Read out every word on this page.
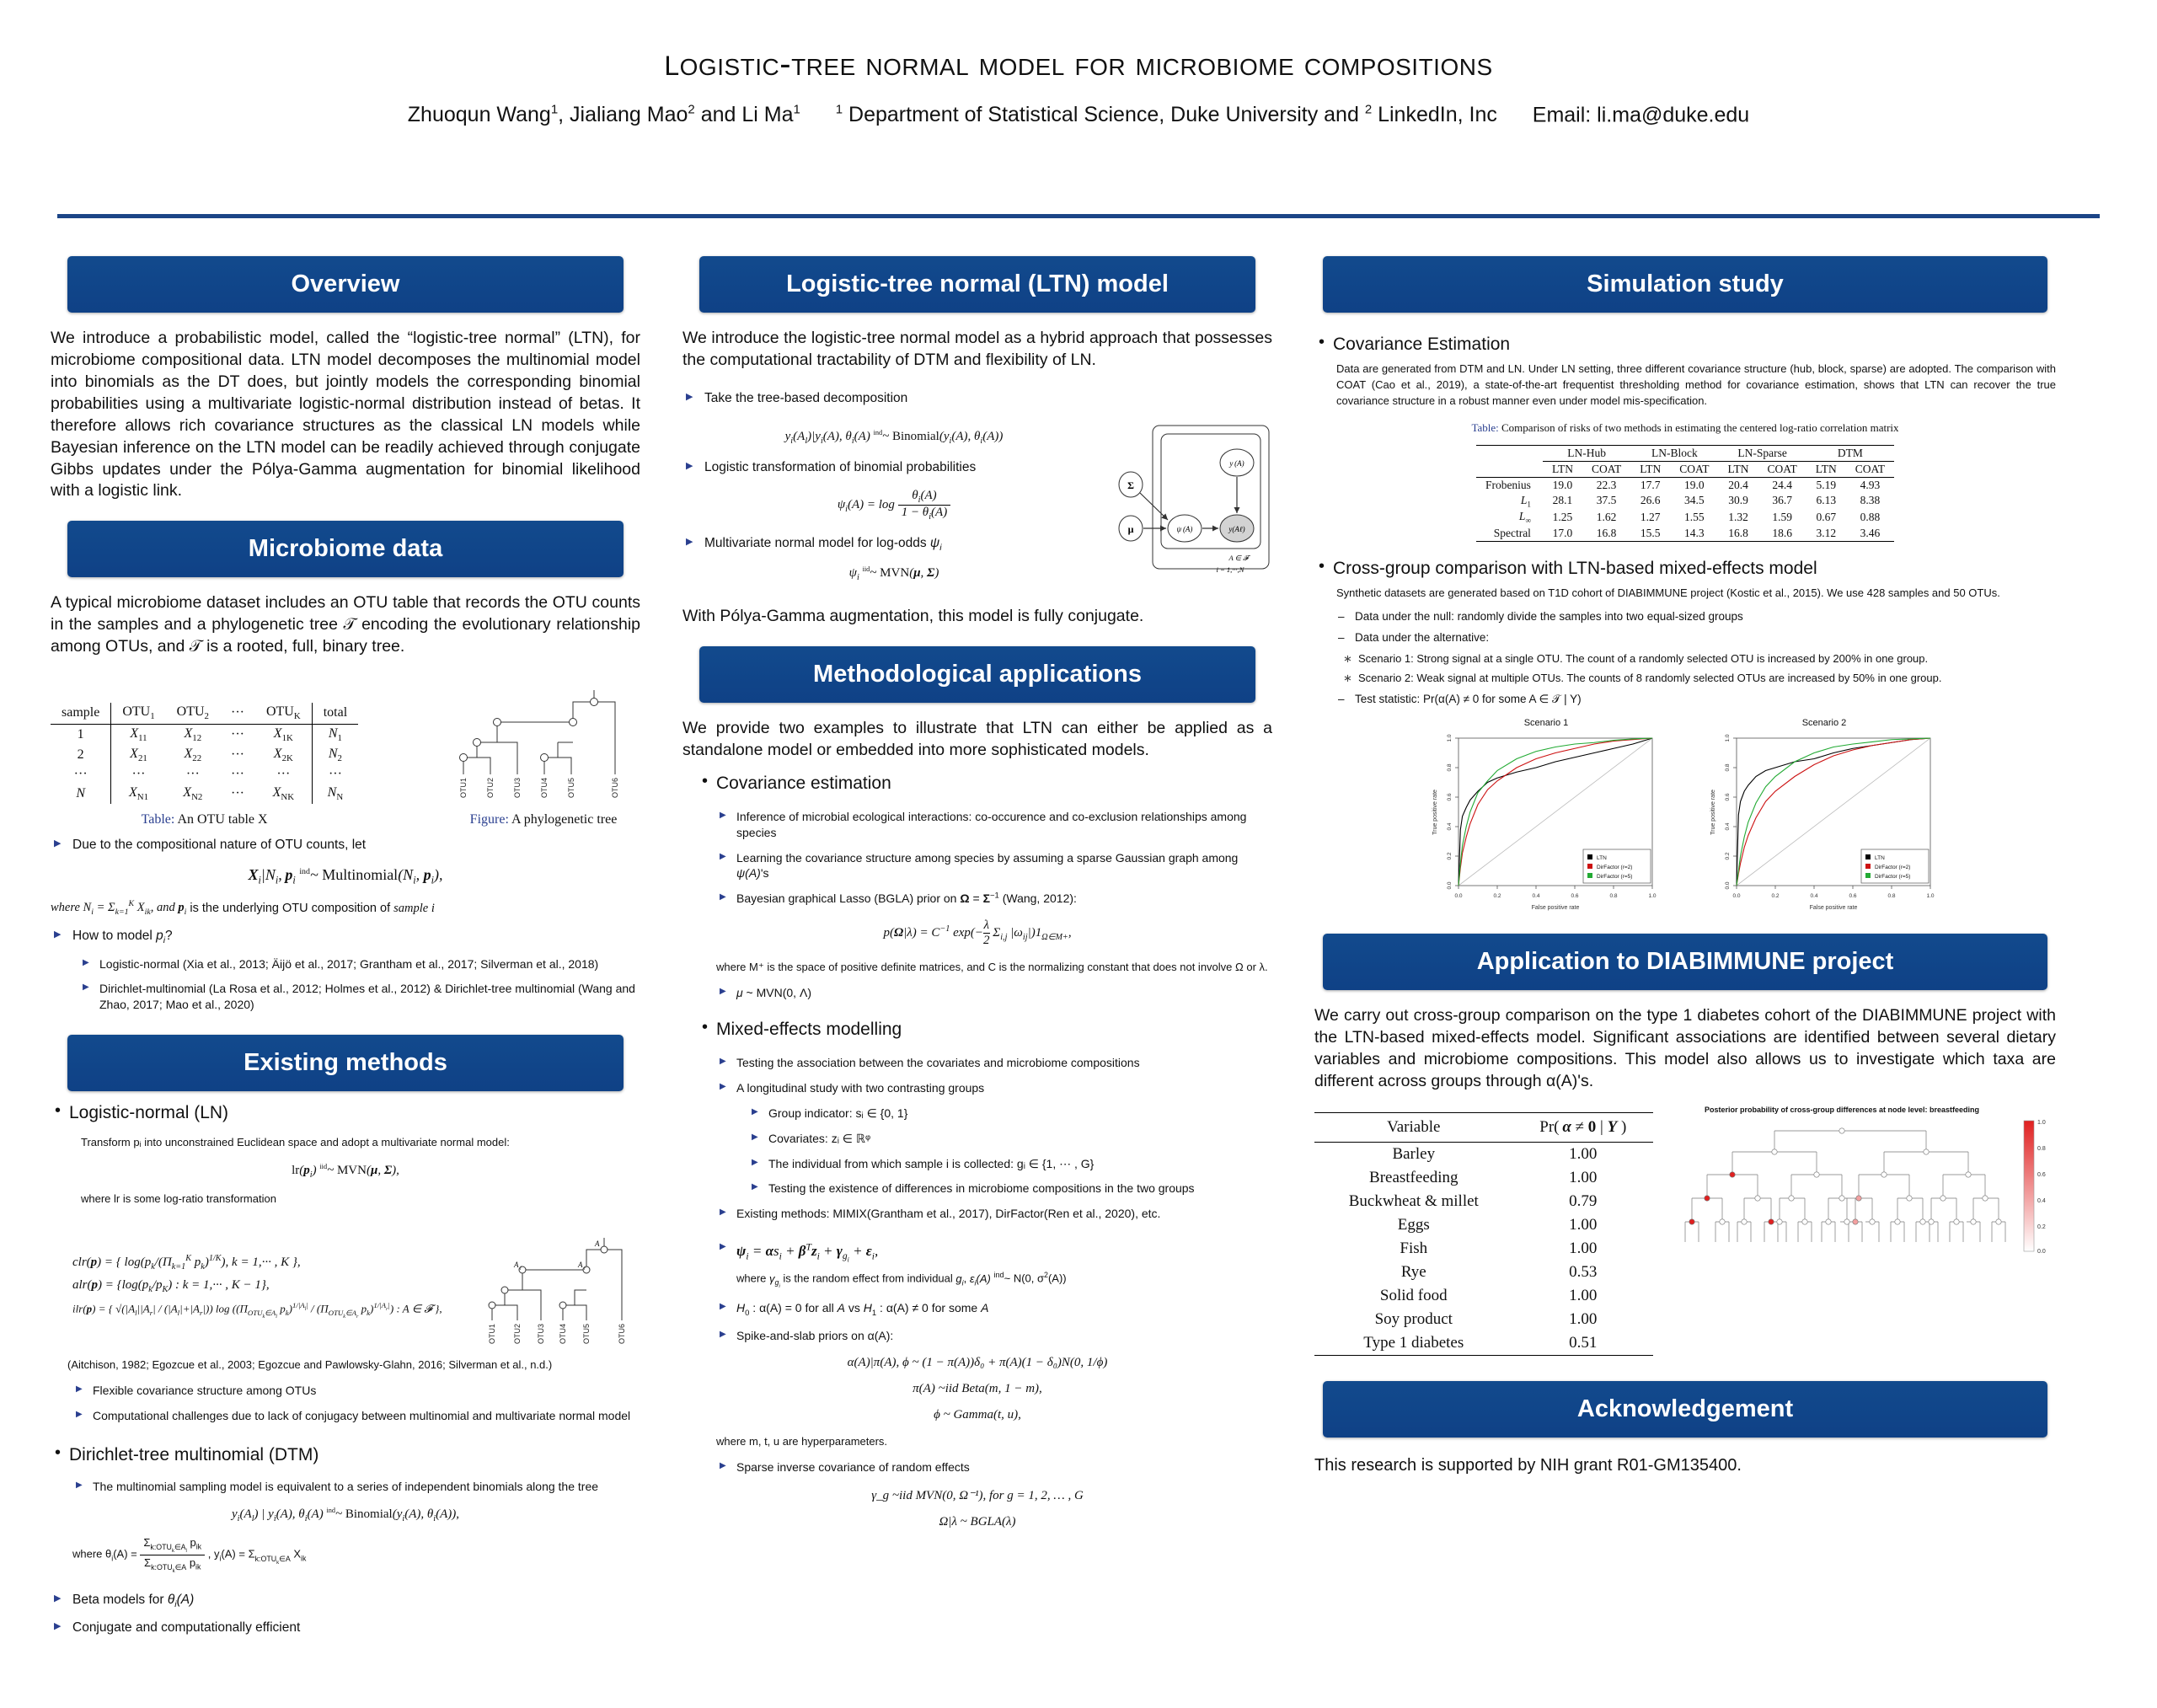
logistic-tree normal model for microbiome compositions
Zhuoqun Wang$^1$, Jialiang Mao$^2$ and Li Ma$^1$	$^1$ Department of Statistical Science, Duke University and $^2$ LinkedIn, Inc Email: li.ma@duke.edu
Overview
We introduce a probabilistic model, called the “logistic-tree normal” (LTN), for microbiome compositional data. LTN model decomposes the multinomial model into binomials as the DT does, but jointly models the corresponding binomial probabilities using a multivariate logistic-normal distribution instead of betas. It therefore allows rich covariance structures as the classical LN models while Bayesian inference on the LTN model can be readily achieved through conjugate Gibbs updates under the Pólya-Gamma augmentation for binomial likelihood with a logistic link.
Microbiome data
A typical microbiome dataset includes an OTU table that records the OTU counts in the samples and a phylogenetic tree 𝒯 encoding the evolutionary relationship among OTUs, and 𝒯 is a rooted, full, binary tree.
sample	$OTU_1$	$OTU_2$	···	$OTU_K$	total
1	$X_{11}$	$X_{12}$	···	$X_{1K}$	$N_1$
2	$X_{21}$	$X_{22}$	···	$X_{2K}$	$N_2$
···	···	···	···	···	···
N	$X_{N1}$	$X_{N2}$	···	$X_{NK}$	$N_N$
Table: An OTU table X
OTU1 OTU2 OTU3 OTU4 OTU5	OTU6
Figure: A phylogenetic tree
▶ Due to the compositional nature of OTU counts, let
$X_i|N_i$, $p_i$ $^{ind}$~ $Multinomial(N_i$, $p_i$),
where $N_i = \Sigma_{k=1}^K$ $X_{ik}$, and $p_i$ is the underlying OTU composition of sample i
▶ How to model $p_i$?
▶ Logistic-normal (Xia et al., 2013; Äijö et al., 2017; Grantham et al., 2017; Silverman et al., 2018)
▶ Dirichlet-multinomial (La Rosa et al., 2012; Holmes et al., 2012) & Dirichlet-tree multinomial (Wang and Zhao, 2017; Mao et al., 2020)
Existing methods
• Logistic-normal (LN)
Transform pᵢ into unconstrained Euclidean space and adopt a multivariate normal model:
$lr(p_i)$ $^{iid}$~ MVN(μ, Σ),
where lr is some log-ratio transformation
clr(p) = { $\log(p_k/(\Pi_{k=1}^K$ $p_k)^{1/K}$), k = 1,··· , K },
$alr(p) = \{\log(p_k/p_K)$ : k = 1,··· , K − 1},
ilr(p) = { $√(|A_l||A_r| / (|A_l|+|A_r|))$ $\log ((\Pi_{OTU_k\in A_l}$ $p_k)^{1/|A_l|} / (\Pi_{OTU_k\in A_r}$ $p_k)^{1/|A_r|}$) : A ∈ 𝓕 },
A
A l	A r
OTU1 OTU2 OTU3 OTU4 OTU5	OTU6
(Aitchison, 1982; Egozcue et al., 2003; Egozcue and Pawlowsky-Glahn, 2016; Silverman et al., n.d.)
▶ Flexible covariance structure among OTUs
▶ Computational challenges due to lack of conjugacy between multinomial and multivariate normal model
• Dirichlet-tree multinomial (DTM)
▶ The multinomial sampling model is equivalent to a series of independent binomials along the tree
$y_i(A_l)$ | $y_i(A)$, $\theta_i(A)$ $^{ind}$~ $Binomial(y_i(A)$, $\theta_i(A)$),
where $\theta_i(A)$ =
$\Sigma_{k:OTU_k\in A_l}$ $p_{ik}$
$\Sigma_{k:OTU_k\in A}$ $p_{ik}$
, $y_i(A) = \Sigma_{k:OTU_k\in A}$ $X_{ik}$
▶ Beta models for $\theta_i(A)$
▶ Conjugate and computationally efficient
Logistic-tree normal (LTN) model
We introduce the logistic-tree normal model as a hybrid approach that possesses the computational tractability of DTM and flexibility of LN.
▶ Take the tree-based decomposition
$y_i(A_l)|y_i(A)$, $\theta_i(A)$ $^{ind}$~ $Binomial(y_i(A)$, $\theta_i(A)$)
▶ Logistic transformation of binomial probabilities
$\psi_i(A) = \log \frac{\theta_i(A)}{1 - \theta_i(A)}$
▶ Multivariate normal model for log-odds $\psi_i$
$\psi_i$ $^{iid}$~ MVN(μ, Σ)
Σ
μ	ψ (A)	y(Aℓ)
y (A)
A ∈ 𝓕
i = 1,···,N
With Pólya-Gamma augmentation, this model is fully conjugate.
Methodological applications
We provide two examples to illustrate that LTN can either be applied as a standalone model or embedded into more sophisticated models.
• Covariance estimation
▶ Inference of microbial ecological interactions: co-occurence and co-exclusion relationships among species
▶ Learning the covariance structure among species by assuming a sparse Gaussian graph among ψ(A)'s
▶ Bayesian graphical Lasso (BGLA) prior on $\Omega = \Sigma^{-1}$ (Wang, 2012):
$p(\Omega|\lambda) = C^{-1}$ $\exp(- \frac{\lambda}{2} \Sigma_{i,j}$ $|\omega_{ij}|)1_{\Omega\in M+}$,
where M⁺ is the space of positive definite matrices, and C is the normalizing constant that does not involve Ω or λ.
▶ μ ~ MVN(0, Λ)
• Mixed-effects modelling
▶ Testing the association between the covariates and microbiome compositions
▶ A longitudinal study with two contrasting groups
▶ Group indicator: sᵢ ∈ {0, 1}
▶ Covariates: zᵢ ∈ ℝᵠ
▶ The individual from which sample i is collected: gᵢ ∈ {1, ⋯ , G}
▶ Testing the existence of differences in microbiome compositions in the two groups
▶ Existing methods: MIMIX(Grantham et al., 2017), DirFactor(Ren et al., 2020), etc.
▶ $\psi_i = \alpha s_i + \beta^Tz_i + \gamma_{g_i} + \varepsilon_i$,
where $\gamma_{g_i}$ is the random effect from individual $g_i$, $\varepsilon_i(A)$ $^{ind}$~ N(0, $\sigma^2(A)$)
▶ $H_0$ : α(A) = 0 for all A vs $H_1$ : α(A) ≠ 0 for some A
▶ Spike-and-slab priors on α(A):
α(A)|π(A), ϕ ~ (1 − π(A))δ₀ + π(A)(1 − δ₀)N(0, 1/ϕ)
π(A) ~iid Beta(m, 1 − m),
ϕ ~ Gamma(t, u),
where m, t, u are hyperparameters.
▶ Sparse inverse covariance of random effects
γ_g ~iid MVN(0, Ω⁻¹), for g = 1, 2, … , G
Ω|λ ~ BGLA(λ)
Simulation study
• Covariance Estimation
Data are generated from DTM and LN. Under LN setting, three different covariance structure (hub, block, sparse) are adopted. The comparison with COAT (Cao et al., 2019), a state-of-the-art frequentist thresholding method for covariance estimation, shows that LTN can recover the true covariance structure in a robust manner even under model mis-specification.
Table: Comparison of risks of two methods in estimating the centered log-ratio correlation matrix
	LN-Hub		LN-Block		LN-Sparse		DTM	
	LTN	COAT	LTN	COAT	LTN	COAT	LTN	COAT
Frobenius	19.0	22.3	17.7	19.0	20.4	24.4	5.19	4.93
$L_1$	28.1	37.5	26.6	34.5	30.9	36.7	6.13	8.38
$L_\infty$	1.25	1.62	1.27	1.55	1.32	1.59	0.67	0.88
Spectral	17.0	16.8	15.5	14.3	16.8	18.6	3.12	3.46
• Cross-group comparison with LTN-based mixed-effects model
Synthetic datasets are generated based on T1D cohort of DIABIMMUNE project (Kostic et al., 2015). We use 428 samples and 50 OTUs.
– Data under the null: randomly divide the samples into two equal-sized groups
– Data under the alternative:
∗ Scenario 1: Strong signal at a single OTU. The count of a randomly selected OTU is increased by 200% in one group.
∗ Scenario 2: Weak signal at multiple OTUs. The counts of 8 randomly selected OTUs are increased by 50% in one group.
– Test statistic: Pr(α(A) ≠ 0 for some A ∈ 𝒯 | Y)
Scenario 1
0.0	0.2	0.4	0.6	0.8	1.0
0.0
0.2
0.4
0.6
0.8
1.0
True positive rate
False positive rate
LTN
DirFactor (r=2)
DirFactor (r=5)
Scenario 2
0.0	0.2	0.4	0.6	0.8	1.0
0.0
0.2
0.4
0.6
0.8
1.0
True positive rate
False positive rate
LTN
DirFactor (r=2)
DirFactor (r=5)
Application to DIABIMMUNE project
We carry out cross-group comparison on the type 1 diabetes cohort of the DIABIMMUNE project with the LTN-based mixed-effects model. Significant associations are identified between several dietary variables and microbiome compositions. This model also allows us to investigate which taxa are different across groups through α(A)'s.
Variable	Pr( α ≠ 0 | Y )
Barley	1.00
Breastfeeding	1.00
Buckwheat & millet	0.79
Eggs	1.00
Fish	1.00
Rye	0.53
Solid food	1.00
Soy product	1.00
Type 1 diabetes	0.51
Posterior probability of cross-group differences at node level: breastfeeding
1.0
0.8
0.6
0.4
0.2
0.0
Acknowledgement
This research is supported by NIH grant R01-GM135400.
